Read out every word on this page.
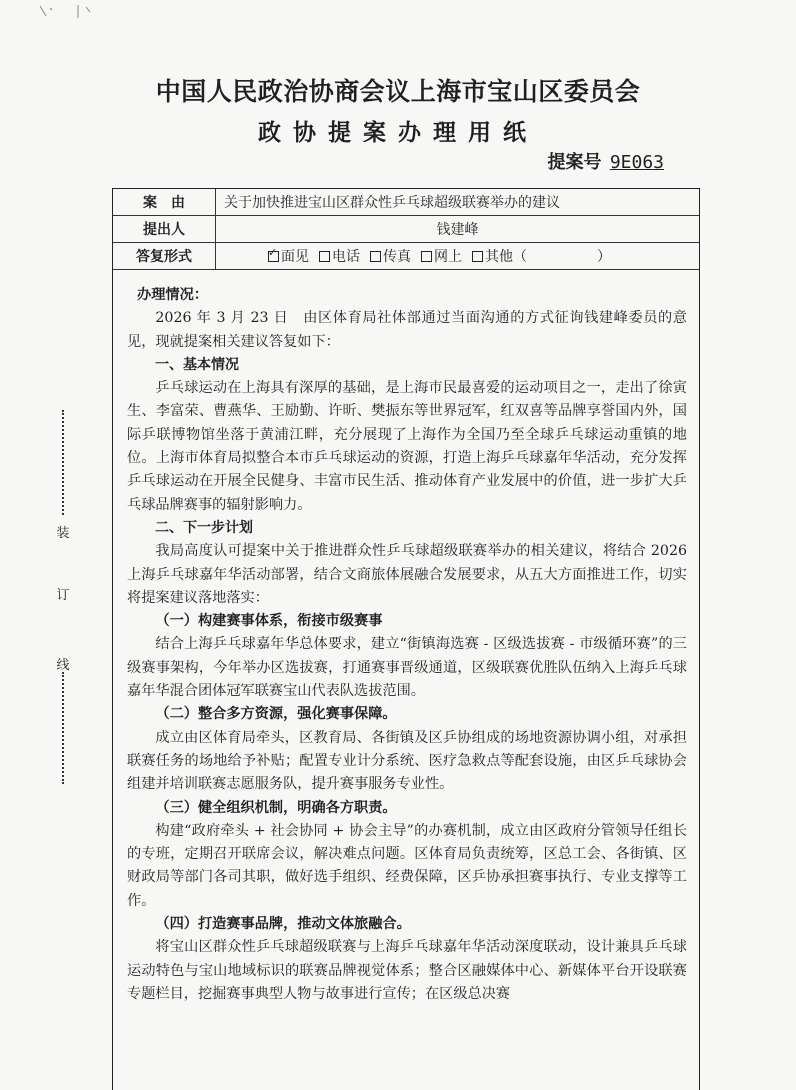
中国人民政治协商会议上海市宝山区委员会
政协提案办理用纸
提案号 9E063
装
订
线
案　由	关于加快推进宝山区群众性乒乓球超级联赛举办的建议
提出人	钱建峰
答复形式
✓	面见 电话 传真 网上 其他（	）

办理情况：

2026 年 3 月 23 日　由区体育局社体部通过当面沟通的方式征询钱建峰委员的意见，现就提案相关建议答复如下：

一、基本情况

乒乓球运动在上海具有深厚的基础，是上海市民最喜爱的运动项目之一，走出了徐寅生、李富荣、曹燕华、王励勤、许昕、樊振东等世界冠军，红双喜等品牌享誉国内外，国际乒联博物馆坐落于黄浦江畔，充分展现了上海作为全国乃至全球乒乓球运动重镇的地位。上海市体育局拟整合本市乒乓球运动的资源，打造上海乒乓球嘉年华活动，充分发挥乒乓球运动在开展全民健身、丰富市民生活、推动体育产业发展中的价值，进一步扩大乒乓球品牌赛事的辐射影响力。

二、下一步计划

我局高度认可提案中关于推进群众性乒乓球超级联赛举办的相关建议，将结合 2026 上海乒乓球嘉年华活动部署，结合文商旅体展融合发展要求，从五大方面推进工作，切实将提案建议落地落实：

（一）构建赛事体系，衔接市级赛事

结合上海乒乓球嘉年华总体要求，建立“街镇海选赛 - 区级选拔赛 - 市级循环赛”的三级赛事架构，今年举办区选拔赛，打通赛事晋级通道，区级联赛优胜队伍纳入上海乒乓球嘉年华混合团体冠军联赛宝山代表队选拔范围。

（二）整合多方资源，强化赛事保障。

成立由区体育局牵头，区教育局、各街镇及区乒协组成的场地资源协调小组，对承担联赛任务的场地给予补贴；配置专业计分系统、医疗急救点等配套设施，由区乒乓球协会组建并培训联赛志愿服务队，提升赛事服务专业性。

（三）健全组织机制，明确各方职责。

构建“政府牵头 + 社会协同 + 协会主导”的办赛机制，成立由区政府分管领导任组长的专班，定期召开联席会议，解决难点问题。区体育局负责统筹，区总工会、各街镇、区财政局等部门各司其职，做好选手组织、经费保障，区乒协承担赛事执行、专业支撑等工作。

（四）打造赛事品牌，推动文体旅融合。

将宝山区群众性乒乓球超级联赛与上海乒乓球嘉年华活动深度联动，设计兼具乒乓球运动特色与宝山地域标识的联赛品牌视觉体系；整合区融媒体中心、新媒体平台开设联赛专题栏目，挖掘赛事典型人物与故事进行宣传；在区级总决赛
